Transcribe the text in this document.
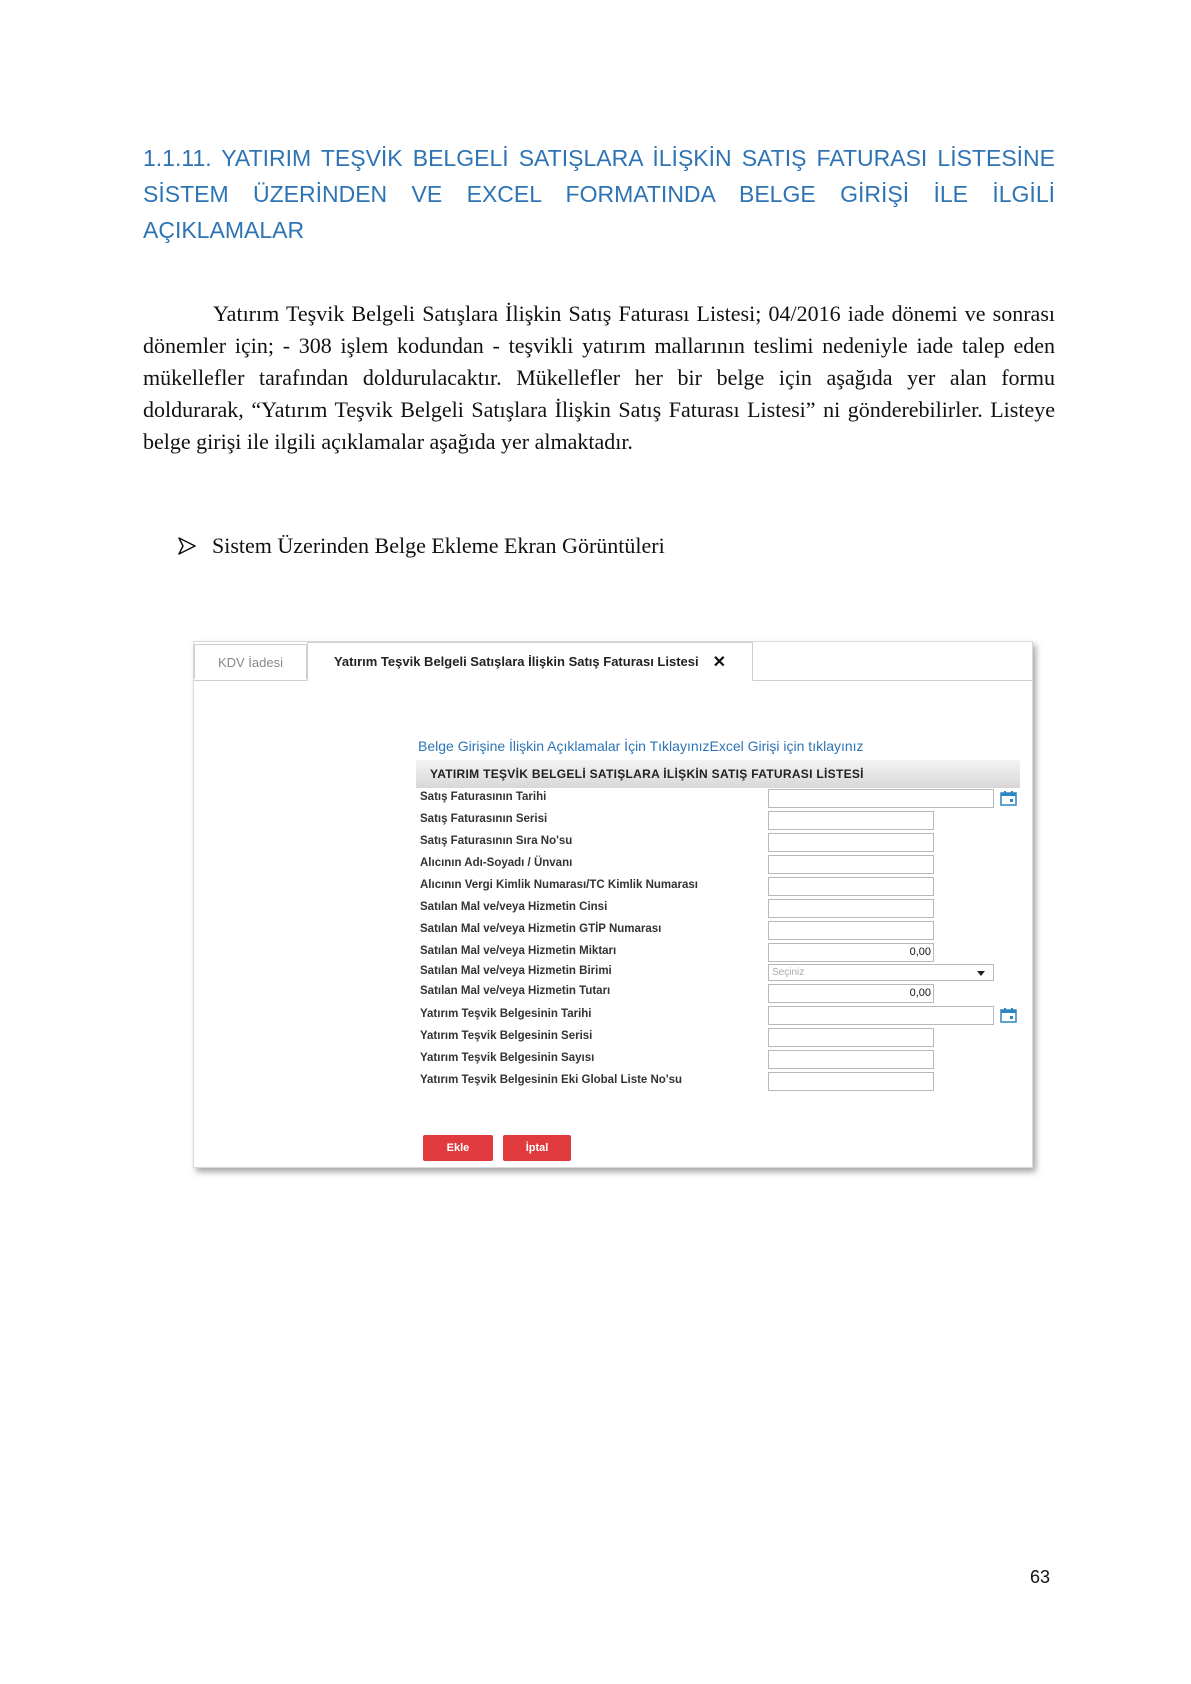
1.1.11. YATIRIM TEŞVİK BELGELİ SATIŞLARA İLİŞKİN SATIŞ FATURASI LİSTESİNE
SİSTEM ÜZERİNDEN VE EXCEL FORMATINDA BELGE GİRİŞİ İLE İLGİLİ
AÇIKLAMALAR

Yatırım Teşvik Belgeli Satışlara İlişkin Satış Faturası Listesi; 04/2016 iade dönemi ve sonrası dönemler için; - 308 işlem kodundan - teşvikli yatırım mallarının teslimi nedeniyle iade talep eden mükellefler tarafından doldurulacaktır. Mükellefler her bir belge için aşağıda yer alan formu doldurarak, “Yatırım Teşvik Belgeli Satışlara İlişkin Satış Faturası Listesi” ni gönderebilirler. Listeye belge girişi ile ilgili açıklamalar aşağıda yer almaktadır.

Sistem Üzerinden Belge Ekleme Ekran Görüntüleri
KDV İadesi	Yatırım Teşvik Belgeli Satışlara İlişkin Satış Faturası Listesi ✕
Belge Girişine İlişkin Açıklamalar İçin TıklayınızExcel Girişi için tıklayınız
YATIRIM TEŞVİK BELGELİ SATIŞLARA İLİŞKİN SATIŞ FATURASI LİSTESİ
Satış Faturasının Tarihi
Satış Faturasının Serisi
Satış Faturasının Sıra No'su
Alıcının Adı-Soyadı / Ünvanı
Alıcının Vergi Kimlik Numarası/TC Kimlik Numarası
Satılan Mal ve/veya Hizmetin Cinsi
Satılan Mal ve/veya Hizmetin GTİP Numarası
Satılan Mal ve/veya Hizmetin Miktarı	0,00
Satılan Mal ve/veya Hizmetin Birimi	Seçiniz
Satılan Mal ve/veya Hizmetin Tutarı	0,00
Yatırım Teşvik Belgesinin Tarihi
Yatırım Teşvik Belgesinin Serisi
Yatırım Teşvik Belgesinin Sayısı
Yatırım Teşvik Belgesinin Eki Global Liste No'su
Ekle	İptal
63
